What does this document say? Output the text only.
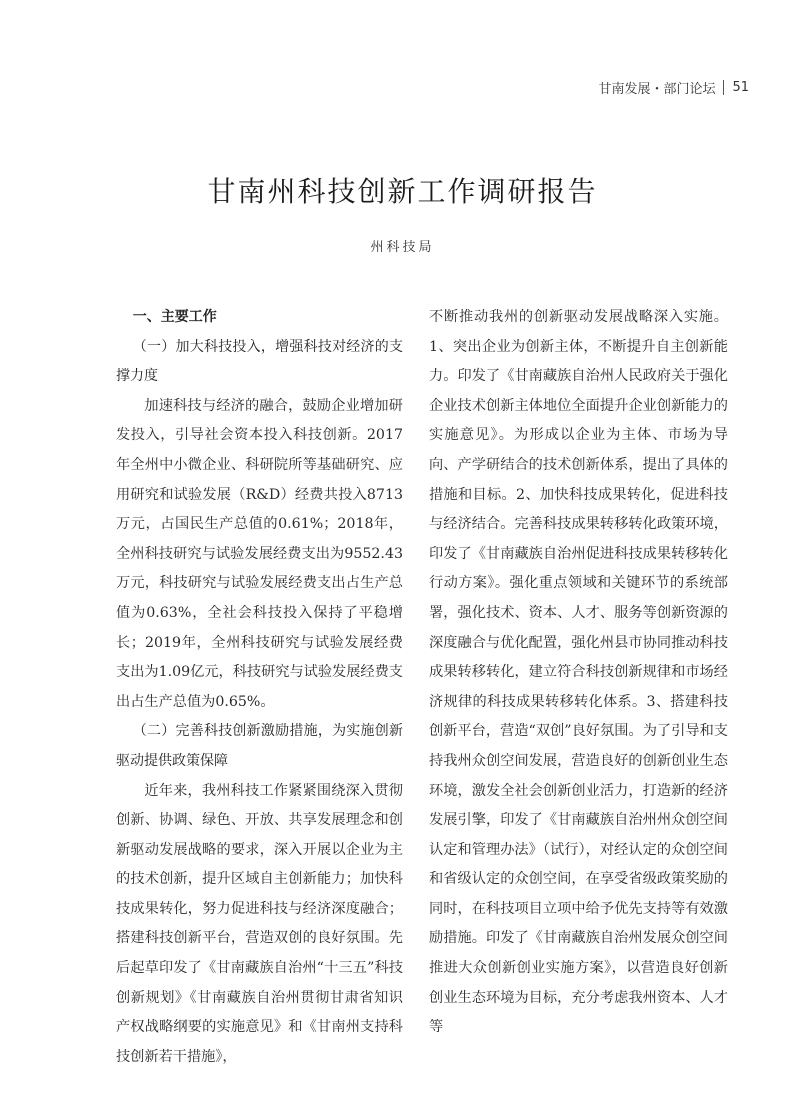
甘南发展・部门论坛 51
甘南州科技创新工作调研报告
州科技局

一、主要工作

（一）加大科技投入，增强科技对经济的支撑力度

加速科技与经济的融合，鼓励企业增加研发投入，引导社会资本投入科技创新。2017年全州中小微企业、科研院所等基础研究、应用研究和试验发展（R&D）经费共投入8713万元，占国民生产总值的0.61%；2018年，全州科技研究与试验发展经费支出为9552.43万元，科技研究与试验发展经费支出占生产总值为0.63%，全社会科技投入保持了平稳增长；2019年，全州科技研究与试验发展经费支出为1.09亿元，科技研究与试验发展经费支出占生产总值为0.65%。

（二）完善科技创新激励措施，为实施创新驱动提供政策保障

近年来，我州科技工作紧紧围绕深入贯彻创新、协调、绿色、开放、共享发展理念和创新驱动发展战略的要求，深入开展以企业为主的技术创新，提升区域自主创新能力；加快科技成果转化，努力促进科技与经济深度融合；搭建科技创新平台，营造双创的良好氛围。先后起草印发了《甘南藏族自治州“十三五”科技创新规划》《甘南藏族自治州贯彻甘肃省知识产权战略纲要的实施意见》和《甘南州支持科技创新若干措施》，

不断推动我州的创新驱动发展战略深入实施。1、突出企业为创新主体，不断提升自主创新能力。印发了《甘南藏族自治州人民政府关于强化企业技术创新主体地位全面提升企业创新能力的实施意见》。为形成以企业为主体、市场为导向、产学研结合的技术创新体系，提出了具体的措施和目标。2、加快科技成果转化，促进科技与经济结合。完善科技成果转移转化政策环境，印发了《甘南藏族自治州促进科技成果转移转化行动方案》。强化重点领域和关键环节的系统部署，强化技术、资本、人才、服务等创新资源的深度融合与优化配置，强化州县市协同推动科技成果转移转化，建立符合科技创新规律和市场经济规律的科技成果转移转化体系。3、搭建科技创新平台，营造“双创”良好氛围。为了引导和支持我州众创空间发展，营造良好的创新创业生态环境，激发全社会创新创业活力，打造新的经济发展引擎，印发了《甘南藏族自治州州众创空间认定和管理办法》（试行），对经认定的众创空间和省级认定的众创空间，在享受省级政策奖励的同时，在科技项目立项中给予优先支持等有效激励措施。印发了《甘南藏族自治州发展众创空间推进大众创新创业实施方案》，以营造良好创新创业生态环境为目标，充分考虑我州资本、人才等
